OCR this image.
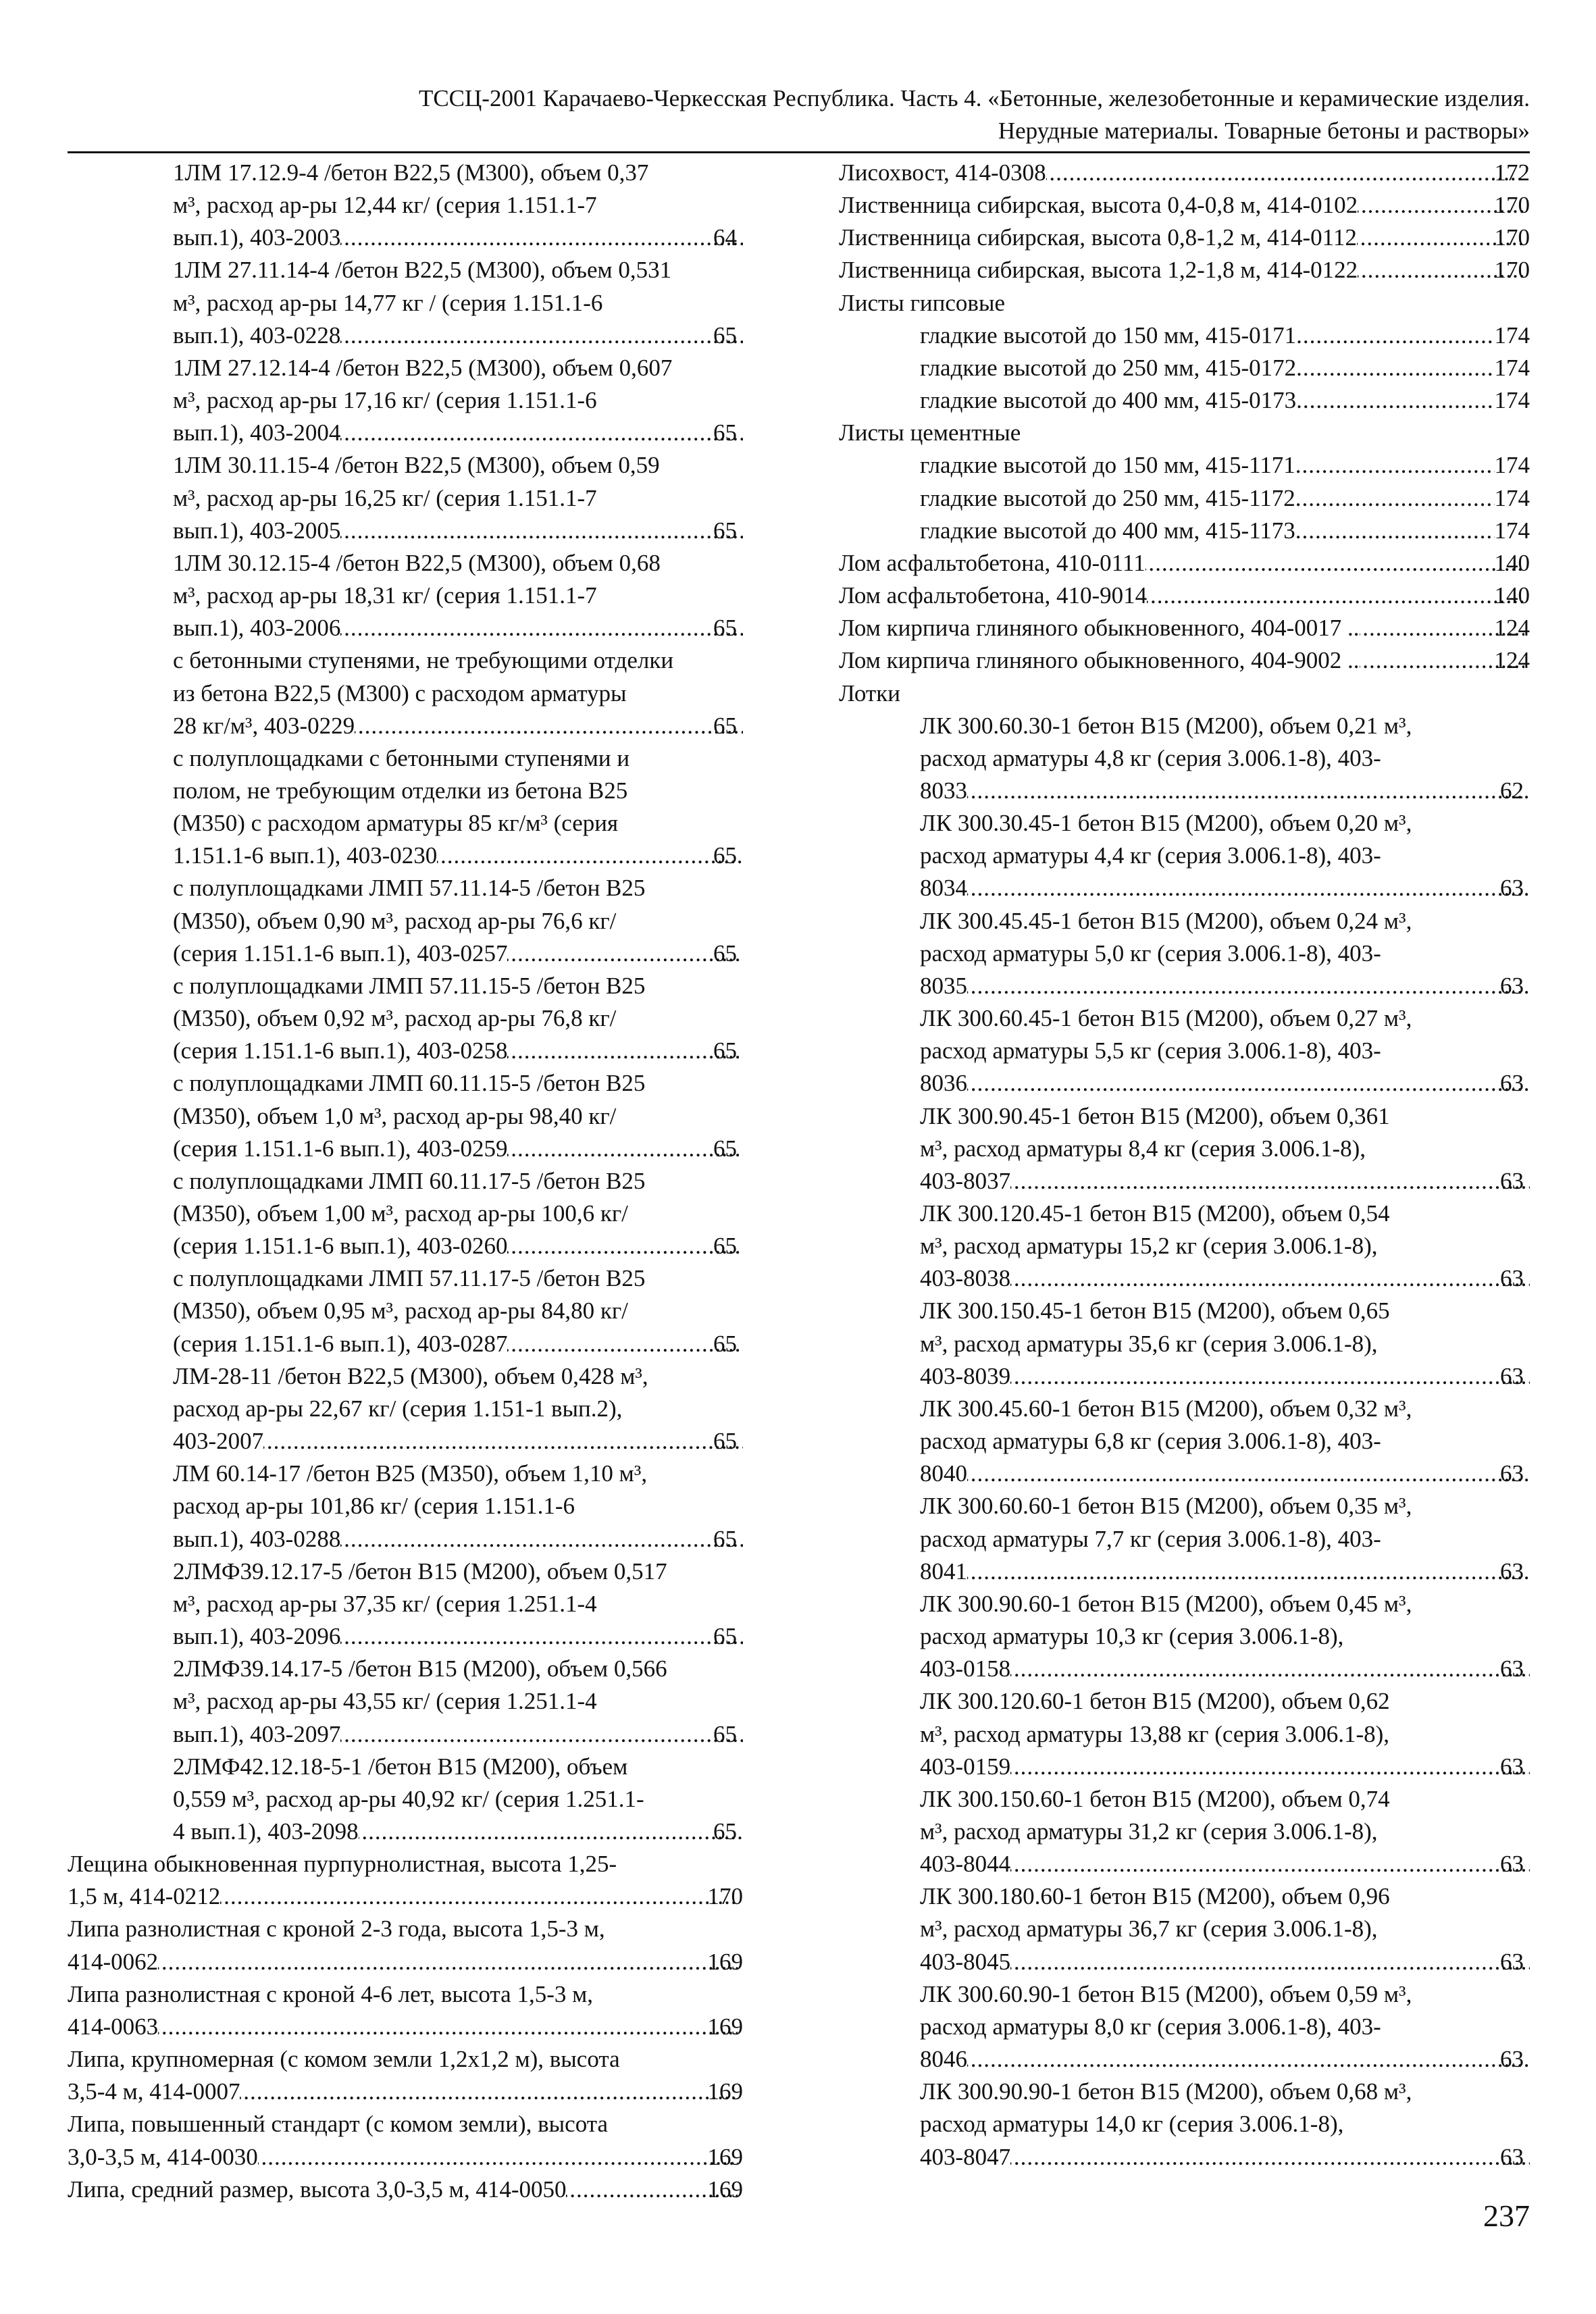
ТССЦ-2001 Карачаево-Черкесская Республика. Часть 4. «Бетонные, железобетонные и керамические изделия.
Нерудные материалы. Товарные бетоны и растворы»
1ЛМ 17.12.9-4 /бетон В22,5 (М300), объем 0,37
м³, расход ар-ры 12,44 кг/ (серия 1.151.1-7
вып.1), 403-2003 .....	64
1ЛМ 27.11.14-4 /бетон В22,5 (М300), объем 0,531
м³, расход ар-ры 14,77 кг / (серия 1.151.1-6
вып.1), 403-0228 .....	65
1ЛМ 27.12.14-4 /бетон В22,5 (М300), объем 0,607
м³, расход ар-ры 17,16 кг/ (серия 1.151.1-6
вып.1), 403-2004 .....	65
1ЛМ 30.11.15-4 /бетон В22,5 (М300), объем 0,59
м³, расход ар-ры 16,25 кг/ (серия 1.151.1-7
вып.1), 403-2005 .....	65
1ЛМ 30.12.15-4 /бетон В22,5 (М300), объем 0,68
м³, расход ар-ры 18,31 кг/ (серия 1.151.1-7
вып.1), 403-2006 .....	65
с бетонными ступенями, не требующими отделки
из бетона В22,5 (М300) с расходом арматуры
28 кг/м³, 403-0229 .....	65
с полуплощадками с бетонными ступенями и
полом, не требующим отделки из бетона В25
(М350) с расходом арматуры 85 кг/м³ (серия
1.151.1-6 вып.1), 403-0230 .....	65
с полуплощадками ЛМП 57.11.14-5 /бетон В25
(М350), объем 0,90 м³, расход ар-ры 76,6 кг/
(серия 1.151.1-6 вып.1), 403-0257 .....	65
с полуплощадками ЛМП 57.11.15-5 /бетон В25
(М350), объем 0,92 м³, расход ар-ры 76,8 кг/
(серия 1.151.1-6 вып.1), 403-0258 .....	65
с полуплощадками ЛМП 60.11.15-5 /бетон В25
(М350), объем 1,0 м³, расход ар-ры 98,40 кг/
(серия 1.151.1-6 вып.1), 403-0259 .....	65
с полуплощадками ЛМП 60.11.17-5 /бетон В25
(М350), объем 1,00 м³, расход ар-ры 100,6 кг/
(серия 1.151.1-6 вып.1), 403-0260 .....	65
с полуплощадками ЛМП 57.11.17-5 /бетон В25
(М350), объем 0,95 м³, расход ар-ры 84,80 кг/
(серия 1.151.1-6 вып.1), 403-0287 .....	65
ЛМ-28-11 /бетон В22,5 (М300), объем 0,428 м³,
расход ар-ры 22,67 кг/ (серия 1.151-1 вып.2),
403-2007 .....	65
ЛМ 60.14-17 /бетон В25 (М350), объем 1,10 м³,
расход ар-ры 101,86 кг/ (серия 1.151.1-6
вып.1), 403-0288 .....	65
2ЛМФ39.12.17-5 /бетон В15 (М200), объем 0,517
м³, расход ар-ры 37,35 кг/ (серия 1.251.1-4
вып.1), 403-2096 .....	65
2ЛМФ39.14.17-5 /бетон В15 (М200), объем 0,566
м³, расход ар-ры 43,55 кг/ (серия 1.251.1-4
вып.1), 403-2097 .....	65
2ЛМФ42.12.18-5-1 /бетон В15 (М200), объем
0,559 м³, расход ар-ры 40,92 кг/ (серия 1.251.1-
4 вып.1), 403-2098 .....	65
Лещина обыкновенная пурпурнолистная, высота 1,25-
1,5 м, 414-0212 .....	170
Липа разнолистная с кроной 2-3 года, высота 1,5-3 м,
414-0062 .....	169
Липа разнолистная с кроной 4-6 лет, высота 1,5-3 м,
414-0063 .....	169
Липа, крупномерная (с комом земли 1,2х1,2 м), высота
3,5-4 м, 414-0007 .....	169
Липа, повышенный стандарт (с комом земли), высота
3,0-3,5 м, 414-0030 .....	169
Липа, средний размер, высота 3,0-3,5 м, 414-0050 .....	169
Лисохвост, 414-0308 .....	172
Лиственница сибирская, высота 0,4-0,8 м, 414-0102 .....	170
Лиственница сибирская, высота 0,8-1,2 м, 414-0112 .....	170
Лиственница сибирская, высота 1,2-1,8 м, 414-0122 .....	170
Листы гипсовые
гладкие высотой до 150 мм, 415-0171 .....	174
гладкие высотой до 250 мм, 415-0172 .....	174
гладкие высотой до 400 мм, 415-0173 .....	174
Листы цементные
гладкие высотой до 150 мм, 415-1171 .....	174
гладкие высотой до 250 мм, 415-1172 .....	174
гладкие высотой до 400 мм, 415-1173 .....	174
Лом асфальтобетона, 410-0111 .....	140
Лом асфальтобетона, 410-9014 .....	140
Лом кирпича глиняного обыкновенного, 404-0017 .. .....	124
Лом кирпича глиняного обыкновенного, 404-9002 .. .....	124
Лотки
ЛК 300.60.30-1 бетон В15 (М200), объем 0,21 м³,
расход арматуры 4,8 кг (серия 3.006.1-8), 403-
8033 .....	62
ЛК 300.30.45-1 бетон В15 (М200), объем 0,20 м³,
расход арматуры 4,4 кг (серия 3.006.1-8), 403-
8034 .....	63
ЛК 300.45.45-1 бетон В15 (М200), объем 0,24 м³,
расход арматуры 5,0 кг (серия 3.006.1-8), 403-
8035 .....	63
ЛК 300.60.45-1 бетон В15 (М200), объем 0,27 м³,
расход арматуры 5,5 кг (серия 3.006.1-8), 403-
8036 .....	63
ЛК 300.90.45-1 бетон В15 (М200), объем 0,361
м³, расход арматуры 8,4 кг (серия 3.006.1-8),
403-8037 .....	63
ЛК 300.120.45-1 бетон В15 (М200), объем 0,54
м³, расход арматуры 15,2 кг (серия 3.006.1-8),
403-8038 .....	63
ЛК 300.150.45-1 бетон В15 (М200), объем 0,65
м³, расход арматуры 35,6 кг (серия 3.006.1-8),
403-8039 .....	63
ЛК 300.45.60-1 бетон В15 (М200), объем 0,32 м³,
расход арматуры 6,8 кг (серия 3.006.1-8), 403-
8040 .....	63
ЛК 300.60.60-1 бетон В15 (М200), объем 0,35 м³,
расход арматуры 7,7 кг (серия 3.006.1-8), 403-
8041 .....	63
ЛК 300.90.60-1 бетон В15 (М200), объем 0,45 м³,
расход арматуры 10,3 кг (серия 3.006.1-8),
403-0158 .....	63
ЛК 300.120.60-1 бетон В15 (М200), объем 0,62
м³, расход арматуры 13,88 кг (серия 3.006.1-8),
403-0159 .....	63
ЛК 300.150.60-1 бетон В15 (М200), объем 0,74
м³, расход арматуры 31,2 кг (серия 3.006.1-8),
403-8044 .....	63
ЛК 300.180.60-1 бетон В15 (М200), объем 0,96
м³, расход арматуры 36,7 кг (серия 3.006.1-8),
403-8045 .....	63
ЛК 300.60.90-1 бетон В15 (М200), объем 0,59 м³,
расход арматуры 8,0 кг (серия 3.006.1-8), 403-
8046 .....	63
ЛК 300.90.90-1 бетон В15 (М200), объем 0,68 м³,
расход арматуры 14,0 кг (серия 3.006.1-8),
403-8047 .....	63
237
